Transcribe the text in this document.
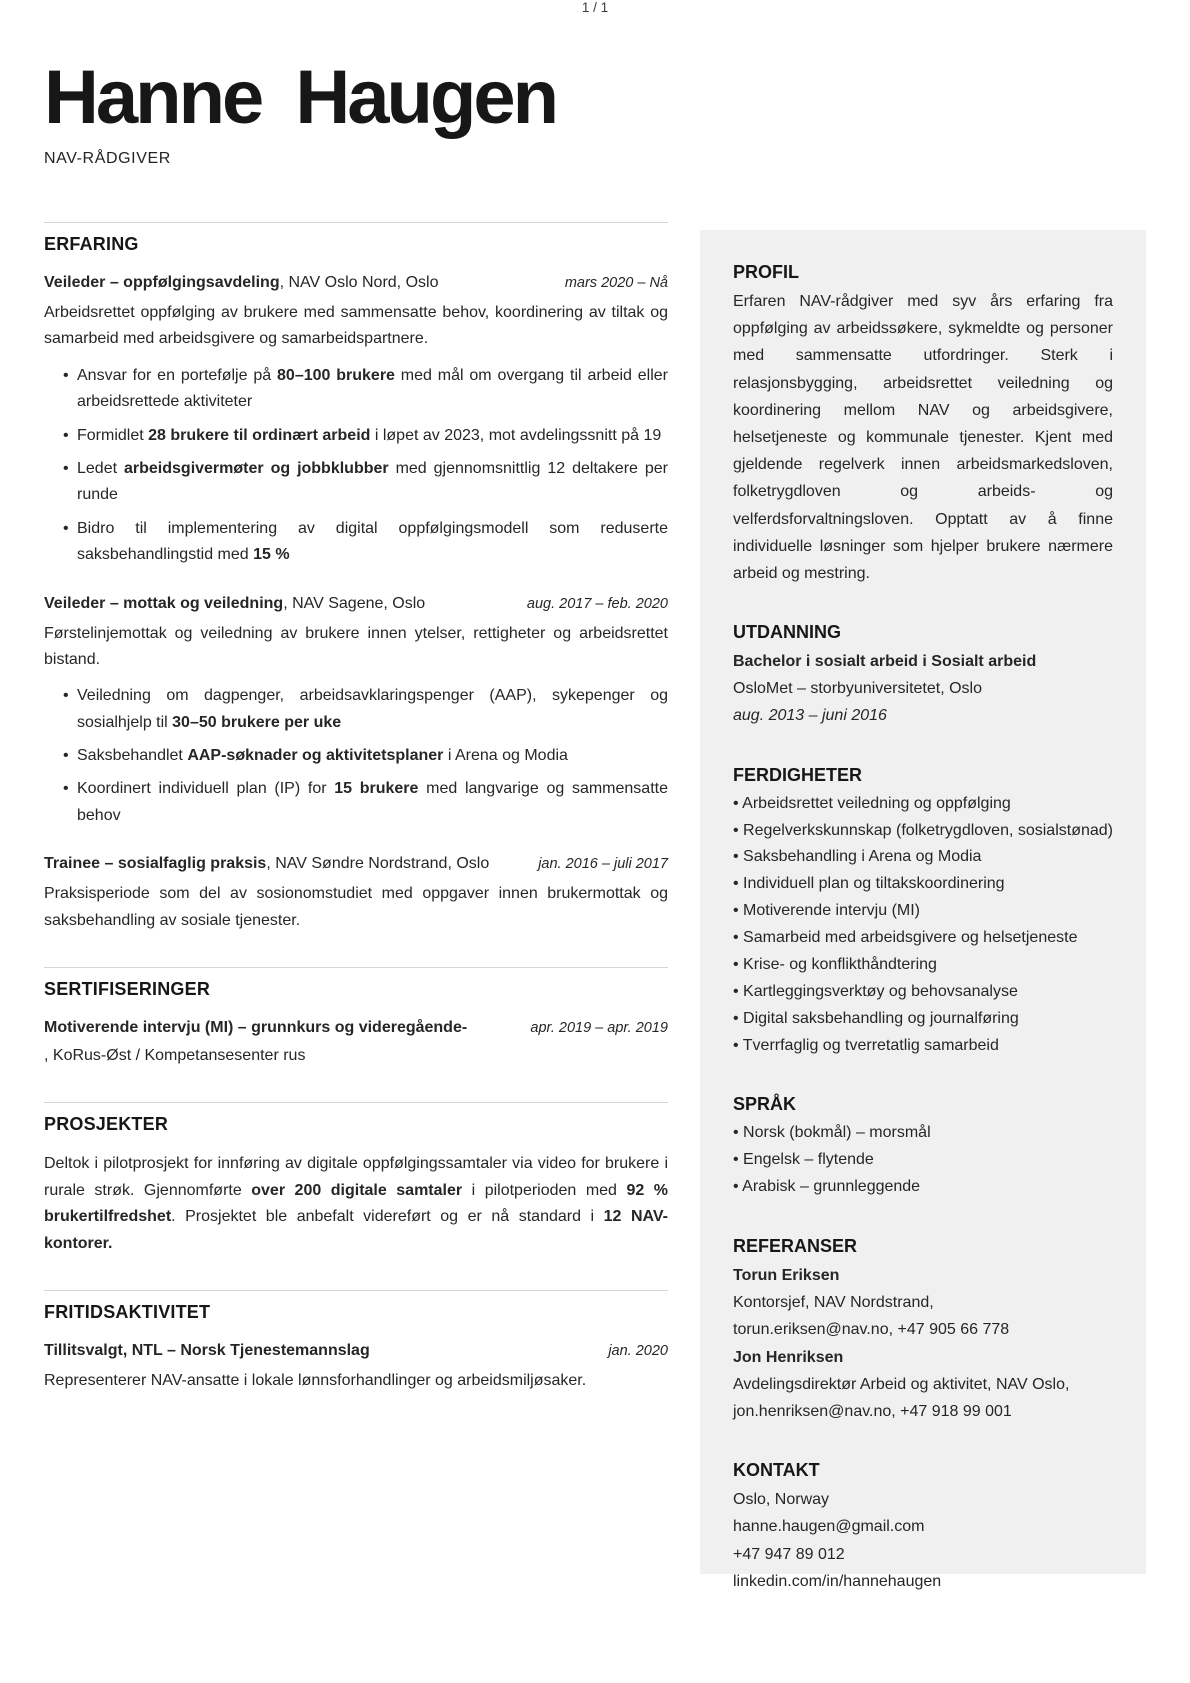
Hanne Haugen
NAV-RÅDGIVER
ERFARING
Veileder – oppfølgingsavdeling, NAV Oslo Nord, Oslo	mars 2020 – Nå

Arbeidsrettet oppfølging av brukere med sammensatte behov, koordinering av tiltak og samarbeid med arbeidsgivere og samarbeidspartnere.

• Ansvar for en portefølje på 80–100 brukere med mål om overgang til arbeid eller arbeidsrettede aktiviteter
• Formidlet 28 brukere til ordinært arbeid i løpet av 2023, mot avdelingssnitt på 19
• Ledet arbeidsgivermøter og jobbklubber med gjennomsnittlig 12 deltakere per runde
• Bidro til implementering av digital oppfølgingsmodell som reduserte saksbehandlingstid med 15 %
Veileder – mottak og veiledning, NAV Sagene, Oslo	aug. 2017 – feb. 2020

Førstelinjemottak og veiledning av brukere innen ytelser, rettigheter og arbeidsrettet bistand.

• Veiledning om dagpenger, arbeidsavklaringspenger (AAP), sykepenger og sosialhjelp til 30–50 brukere per uke
• Saksbehandlet AAP-søknader og aktivitetsplaner i Arena og Modia
• Koordinert individuell plan (IP) for 15 brukere med langvarige og sammensatte behov
Trainee – sosialfaglig praksis, NAV Søndre Nordstrand, Oslo	jan. 2016 – juli 2017

Praksisperiode som del av sosionomstudiet med oppgaver innen brukermottak og saksbehandling av sosiale tjenester.

SERTIFISERINGER
Motiverende intervju (MI) – grunnkurs og videregående-	apr. 2019 – apr. 2019

, KoRus-Øst / Kompetansesenter rus

PROSJEKTER

Deltok i pilotprosjekt for innføring av digitale oppfølgingssamtaler via video for brukere i rurale strøk. Gjennomførte over 200 digitale samtaler i pilotperioden med 92 % brukertilfredshet. Prosjektet ble anbefalt videreført og er nå standard i 12 NAV-kontorer.

FRITIDSAKTIVITET
Tillitsvalgt, NTL – Norsk Tjenestemannslag	jan. 2020

Representerer NAV-ansatte i lokale lønnsforhandlinger og arbeidsmiljøsaker.

PROFIL

Erfaren NAV-rådgiver med syv års erfaring fra oppfølging av arbeidssøkere, sykmeldte og personer med sammensatte utfordringer. Sterk i relasjonsbygging, arbeidsrettet veiledning og koordinering mellom NAV og arbeidsgivere, helsetjeneste og kommunale tjenester. Kjent med gjeldende regelverk innen arbeidsmarkedsloven, folketrygdloven og arbeids- og velferdsforvaltningsloven. Opptatt av å finne individuelle løsninger som hjelper brukere nærmere arbeid og mestring.

UTDANNING

Bachelor i sosialt arbeid i Sosialt arbeid

OsloMet – storbyuniversitetet, Oslo

aug. 2013 – juni 2016

FERDIGHETER
• Arbeidsrettet veiledning og oppfølging
• Regelverkskunnskap (folketrygdloven, sosialstønad)
• Saksbehandling i Arena og Modia
• Individuell plan og tiltakskoordinering
• Motiverende intervju (MI)
• Samarbeid med arbeidsgivere og helsetjeneste
• Krise- og konflikthåndtering
• Kartleggingsverktøy og behovsanalyse
• Digital saksbehandling og journalføring
• Tverrfaglig og tverretatlig samarbeid
SPRÅK
• Norsk (bokmål) – morsmål
• Engelsk – flytende
• Arabisk – grunnleggende
REFERANSER

Torun Eriksen

Kontorsjef, NAV Nordstrand,

torun.eriksen@nav.no, +47 905 66 778

Jon Henriksen

Avdelingsdirektør Arbeid og aktivitet, NAV Oslo,

jon.henriksen@nav.no, +47 918 99 001

KONTAKT

Oslo, Norway

hanne.haugen@gmail.com

+47 947 89 012

linkedin.com/in/hannehaugen

1 / 1
